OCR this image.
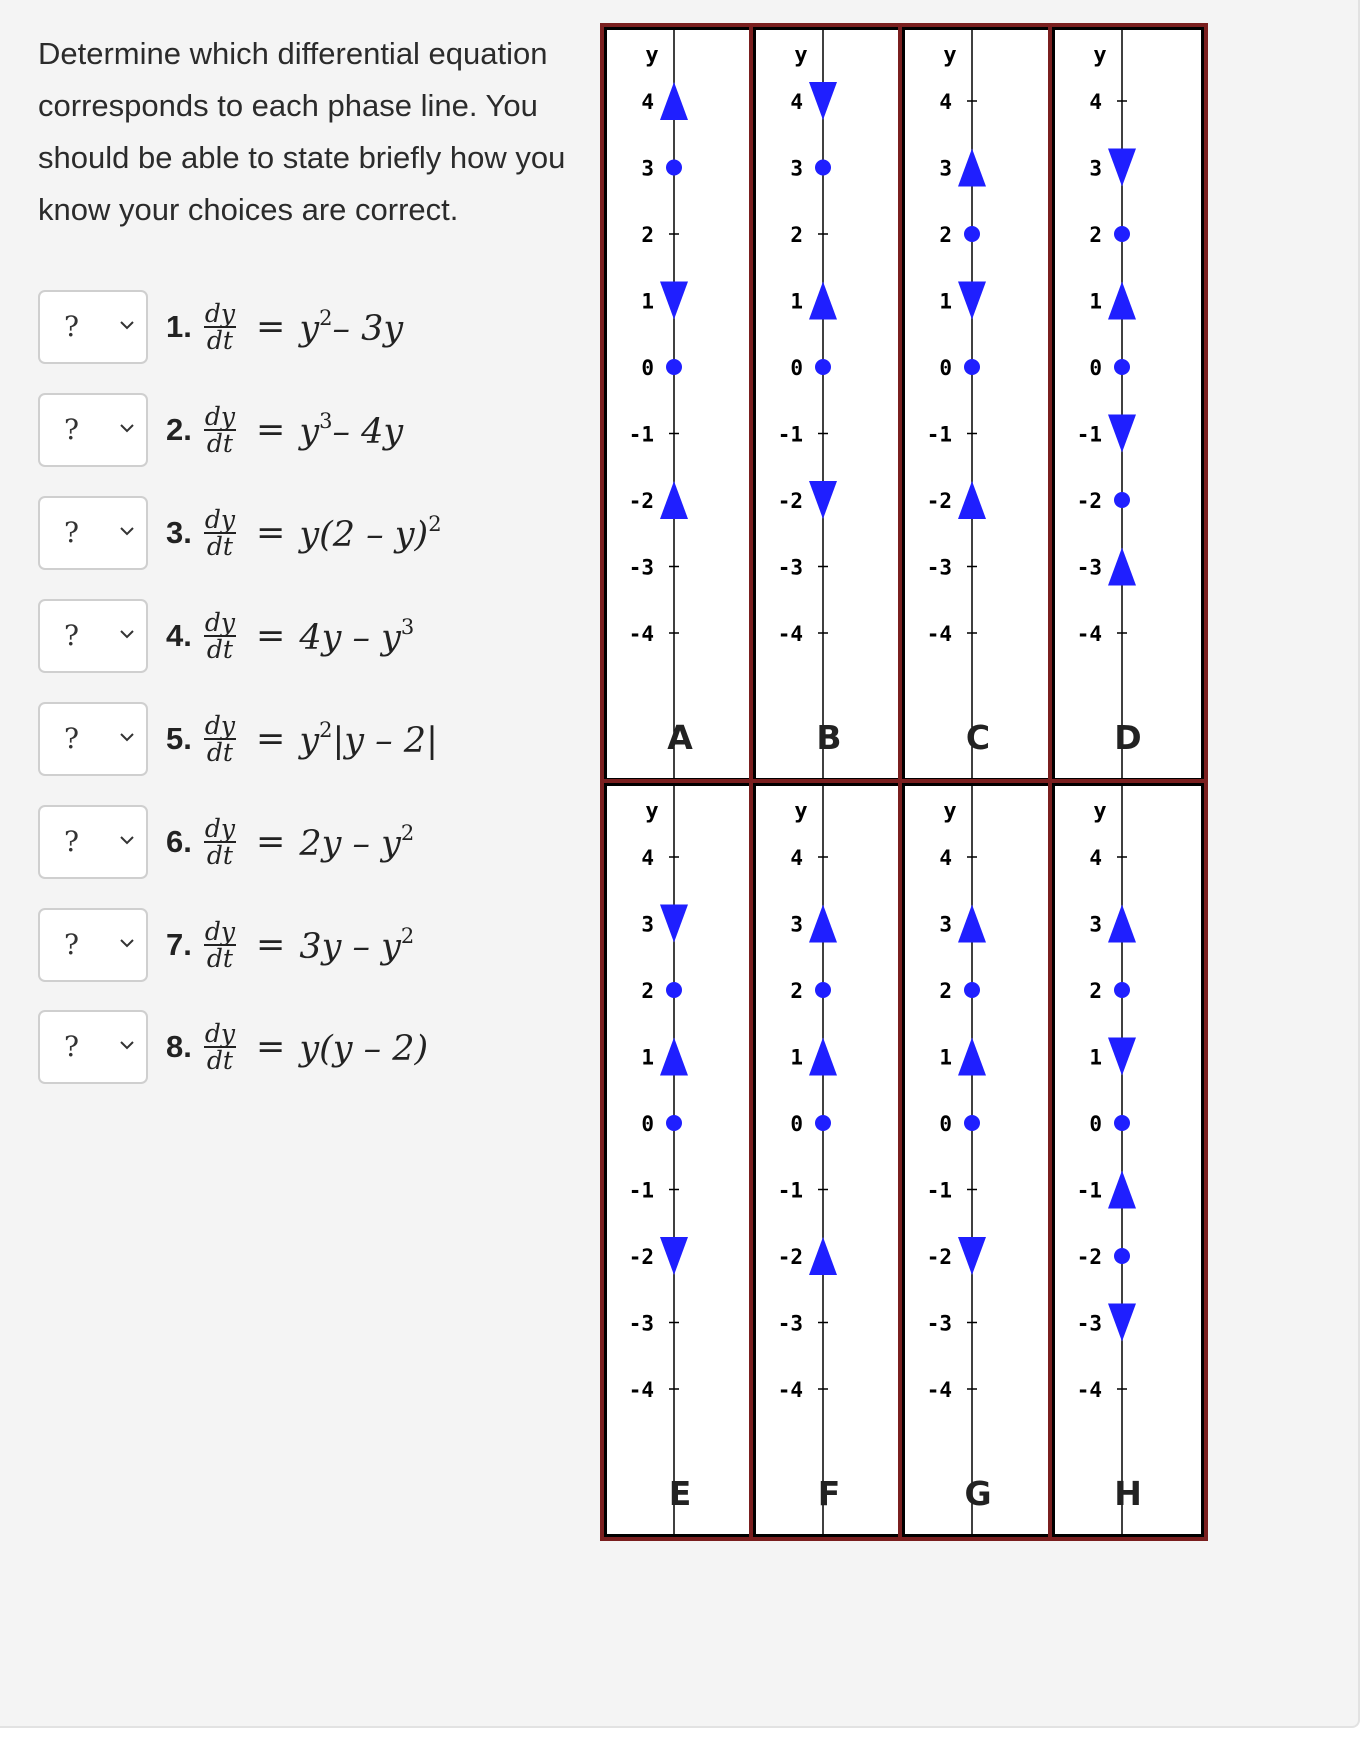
Determine which differential equation corresponds to each phase line. You should be able to state briefly how you know your choices are correct.
?	1. $\frac{dy}{dt} = y^2-$ 3y
?	2. $\frac{dy}{dt} = y^3-$ 4y
?	3. $\frac{dy}{dt} = y(2 - y)^2$
?	4. $\frac{dy}{dt} = 4y - y^3$
?	5. $\frac{dy}{dt} = y^2|y - 2|$
?	6. $\frac{dy}{dt} = 2y - y^2$
?	7. $\frac{dy}{dt} = 3y - y^2$
?	8. $\frac{dy}{dt} = y(y - 2)$
y
4
3
2
1
0
-1
-2
-3
-4
A
y
4
3
2
1
0
-1
-2
-3
-4
B
y
4
3
2
1
0
-1
-2
-3
-4
C
y
4
3
2
1
0
-1
-2
-3
-4
D
y
4
3
2
1
0
-1
-2
-3
-4
E
y
4
3
2
1
0
-1
-2
-3
-4
F
y
4
3
2
1
0
-1
-2
-3
-4
G
y
4
3
2
1
0
-1
-2
-3
-4
H
